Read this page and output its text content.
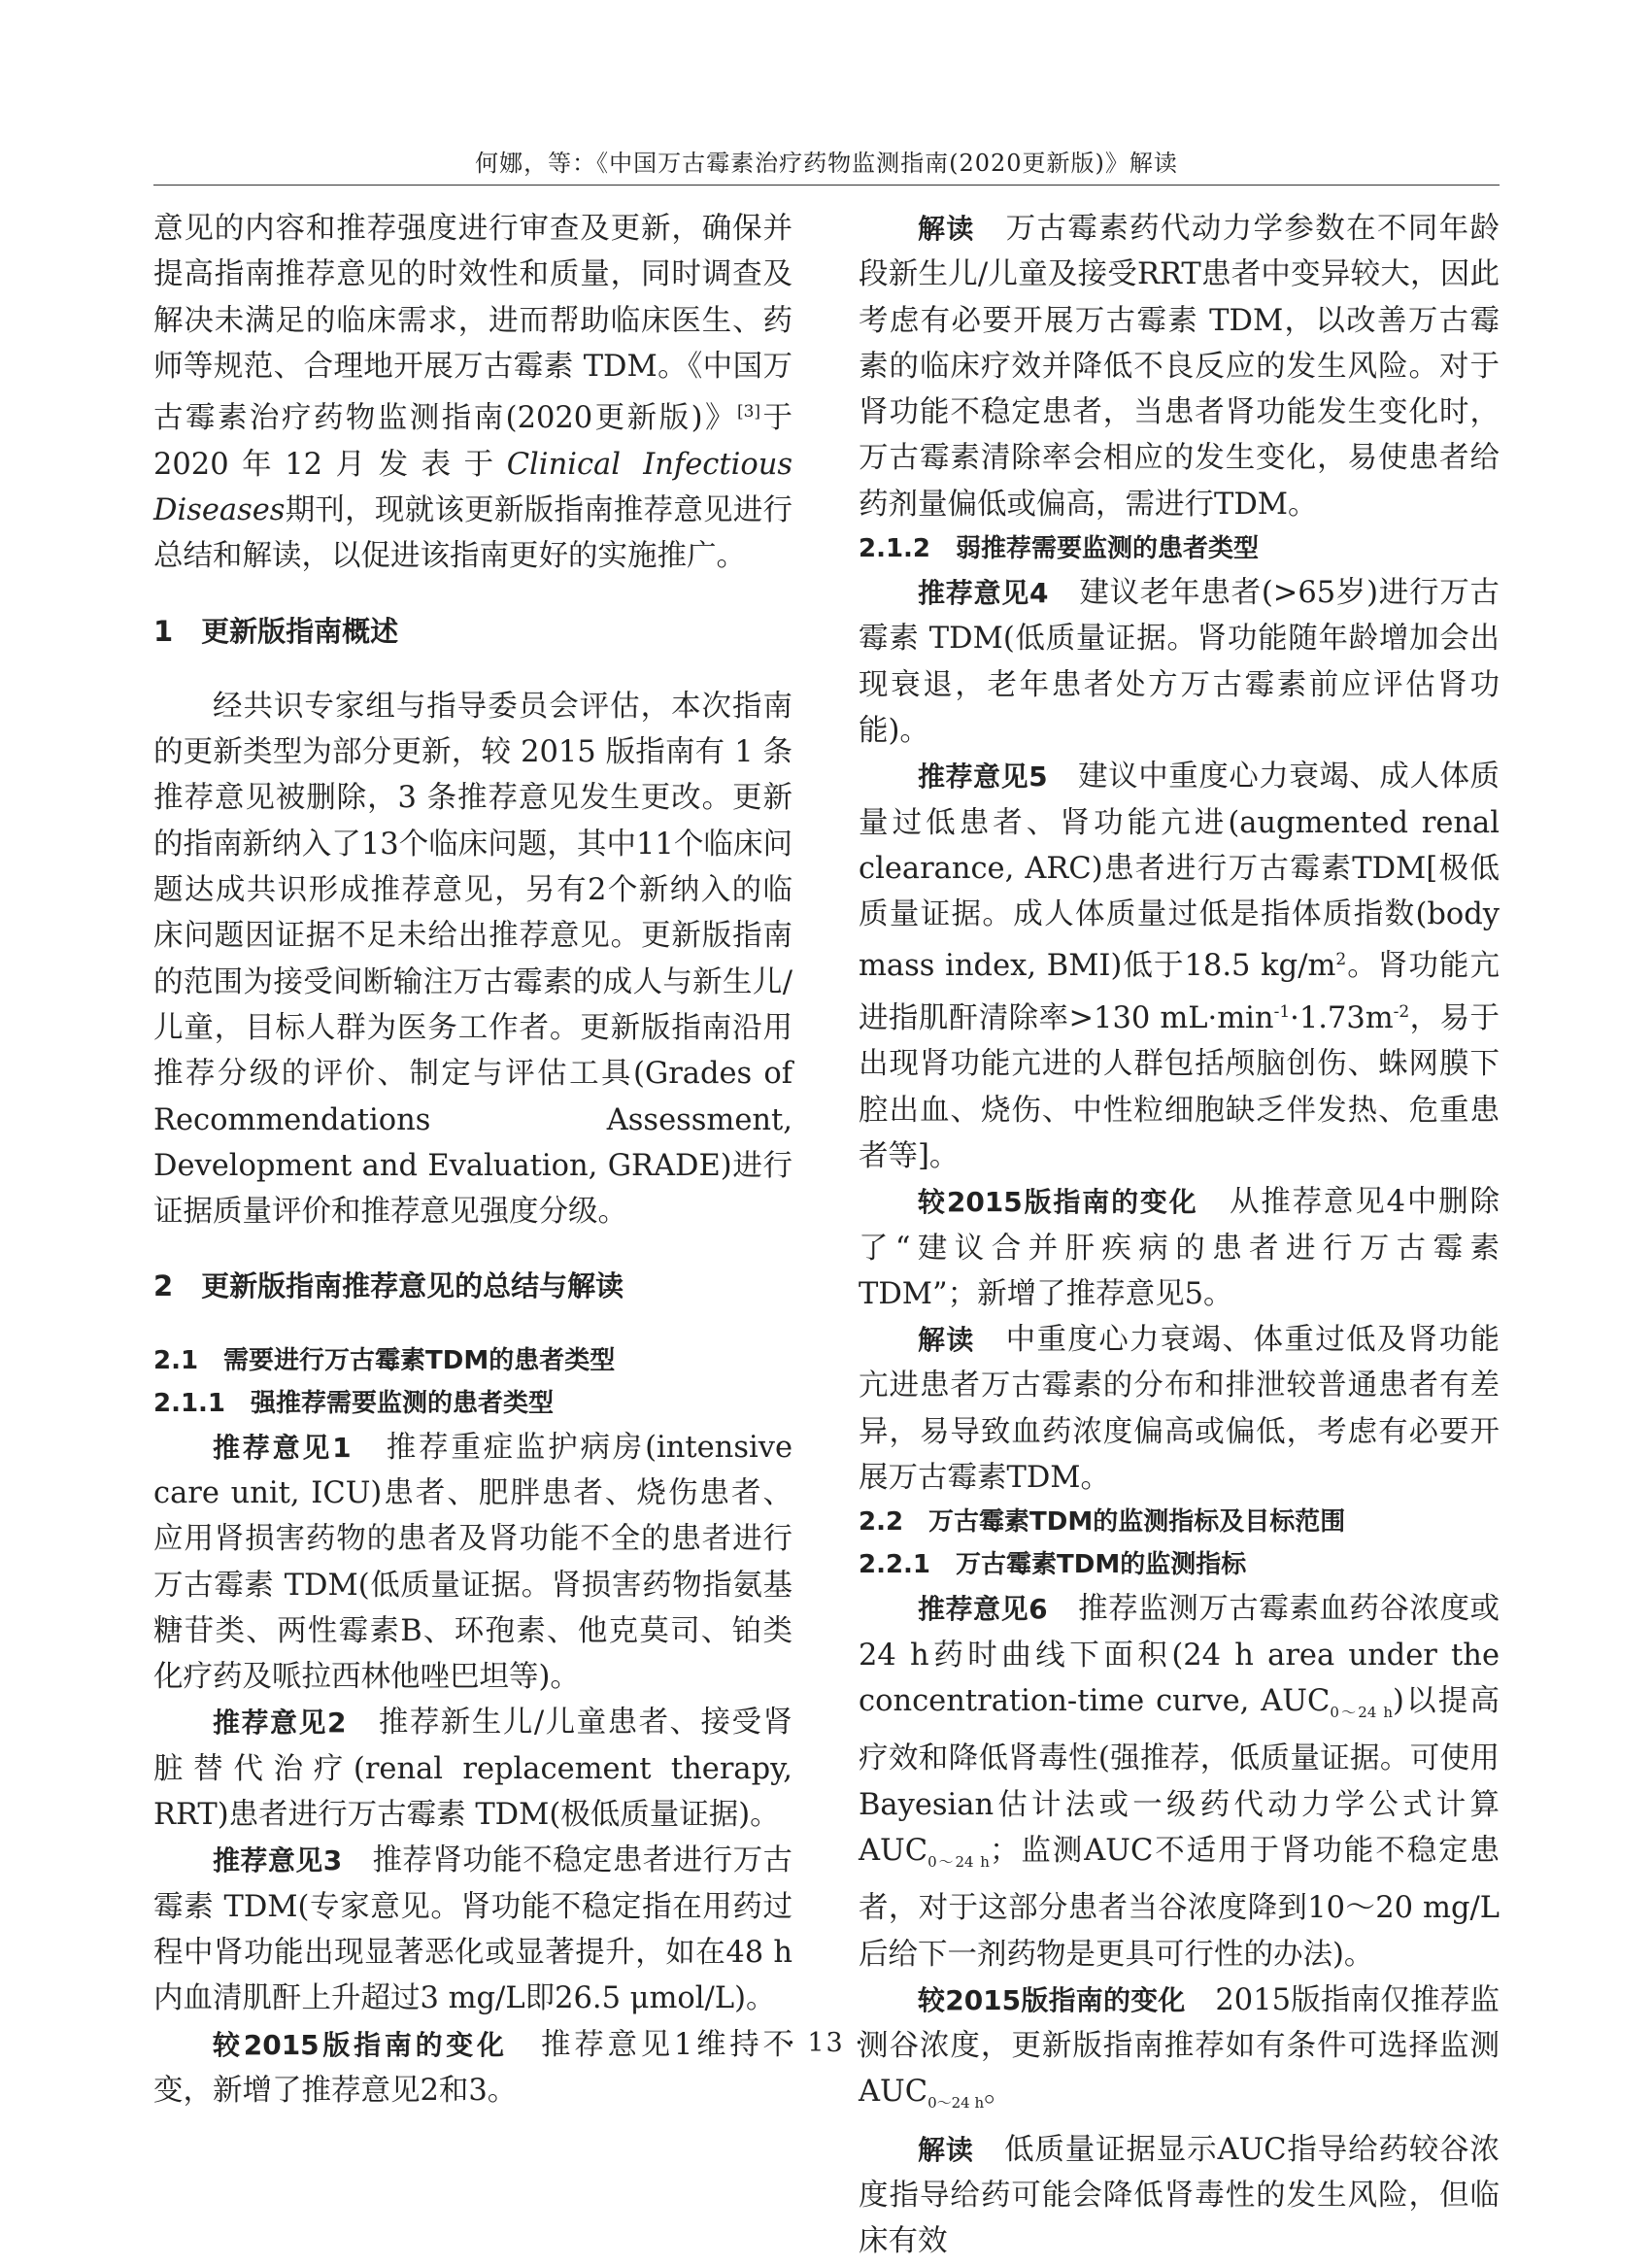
何娜，等：《中国万古霉素治疗药物监测指南(2020更新版)》解读

意见的内容和推荐强度进行审查及更新，确保并提高指南推荐意见的时效性和质量，同时调查及解决未满足的临床需求，进而帮助临床医生、药师等规范、合理地开展万古霉素 TDM。《中国万古霉素治疗药物监测指南(2020更新版)》[3]于2020年12月发表于Clinical Infectious Diseases期刊，现就该更新版指南推荐意见进行总结和解读，以促进该指南更好的实施推广。

1　更新版指南概述

经共识专家组与指导委员会评估，本次指南的更新类型为部分更新，较 2015 版指南有 1 条推荐意见被删除，3 条推荐意见发生更改。更新的指南新纳入了13个临床问题，其中11个临床问题达成共识形成推荐意见，另有2个新纳入的临床问题因证据不足未给出推荐意见。更新版指南的范围为接受间断输注万古霉素的成人与新生儿/儿童，目标人群为医务工作者。更新版指南沿用推荐分级的评价、制定与评估工具(Grades of Recommendations Assessment, Development and Evaluation, GRADE)进行证据质量评价和推荐意见强度分级。

2　更新版指南推荐意见的总结与解读

2.1　需要进行万古霉素TDM的患者类型

2.1.1　强推荐需要监测的患者类型

推荐意见1　 推荐重症监护病房(intensive care unit, ICU)患者、肥胖患者、烧伤患者、应用肾损害药物的患者及肾功能不全的患者进行万古霉素 TDM(低质量证据。肾损害药物指氨基糖苷类、两性霉素B、环孢素、他克莫司、铂类化疗药及哌拉西林他唑巴坦等)。

推荐意见2　 推荐新生儿/儿童患者、接受肾脏替代治疗(renal replacement therapy, RRT)患者进行万古霉素 TDM(极低质量证据)。

推荐意见3　 推荐肾功能不稳定患者进行万古霉素 TDM(专家意见。肾功能不稳定指在用药过程中肾功能出现显著恶化或显著提升，如在48 h内血清肌酐上升超过3 mg/L即26.5 μmol/L)。

较2015版指南的变化　 推荐意见1维持不变，新增了推荐意见2和3。

解读　 万古霉素药代动力学参数在不同年龄段新生儿/儿童及接受RRT患者中变异较大，因此考虑有必要开展万古霉素 TDM，以改善万古霉素的临床疗效并降低不良反应的发生风险。对于肾功能不稳定患者，当患者肾功能发生变化时，万古霉素清除率会相应的发生变化，易使患者给药剂量偏低或偏高，需进行TDM。

2.1.2　弱推荐需要监测的患者类型

推荐意见4　 建议老年患者(>65岁)进行万古霉素 TDM(低质量证据。肾功能随年龄增加会出现衰退，老年患者处方万古霉素前应评估肾功能)。

推荐意见5　 建议中重度心力衰竭、成人体质量过低患者、肾功能亢进(augmented renal clearance, ARC)患者进行万古霉素TDM[极低质量证据。成人体质量过低是指体质指数(body mass index, BMI)低于18.5 $kg/m^2$。肾功能亢进指肌酐清除率>130 $mL\cdot\min^{-1}\cdot 1.73m^{-2}$，易于出现肾功能亢进的人群包括颅脑创伤、蛛网膜下腔出血、烧伤、中性粒细胞缺乏伴发热、危重患者等]。

较2015版指南的变化　 从推荐意见4中删除了“建议合并肝疾病的患者进行万古霉素 TDM”；新增了推荐意见5。

解读　 中重度心力衰竭、体重过低及肾功能亢进患者万古霉素的分布和排泄较普通患者有差异，易导致血药浓度偏高或偏低，考虑有必要开展万古霉素TDM。

2.2　万古霉素TDM的监测指标及目标范围

2.2.1　万古霉素TDM的监测指标

推荐意见6　 推荐监测万古霉素血药谷浓度或24 h药时曲线下面积(24 h area under the concentration-time curve, $AUC_{0\sim 24 h}$)以提高疗效和降低肾毒性(强推荐，低质量证据。可使用Bayesian估计法或一级药代动力学公式计算$AUC_{0\sim 24 h}$；监测AUC不适用于肾功能不稳定患者，对于这部分患者当谷浓度降到10～20 mg/L后给下一剂药物是更具可行性的办法)。

较2015版指南的变化　 2015版指南仅推荐监测谷浓度，更新版指南推荐如有条件可选择监测$AUC_{0\sim 24 h}$。

解读　 低质量证据显示AUC指导给药较谷浓度指导给药可能会降低肾毒性的发生风险，但临床有效

· 13 ·
